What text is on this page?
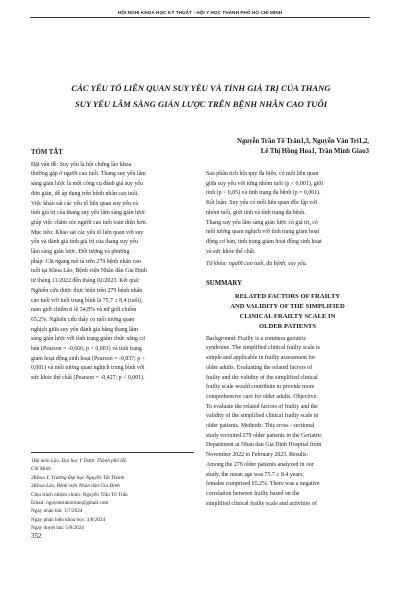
HỘI NGHỊ KHOA HỌC KỸ THUẬT - HỘI Y HỌC THÀNH PHỐ HỒ CHÍ MINH
CÁC YẾU TỐ LIÊN QUAN SUY YẾU VÀ TÍNH GIÁ TRỊ CỦA THANG
SUY YẾU LÂM SÀNG GIÁN LƯỢC TRÊN BỆNH NHÂN CAO TUỔI
Nguyễn Trần Tố Trân1,3, Nguyễn Văn Trí1,2,
Lê Thị Hồng Hoa1, Trần Minh Giao3
TÓM TẮT

Đặt vấn đề: Suy yếu là hội chứng lão khoa

thường gặp ở người cao tuổi. Thang suy yếu lâm

sàng gián lược là một công cụ đánh giá suy yếu

đơn giản, dễ áp dụng trên bệnh nhân cao tuổi.

Việc khảo sát các yếu tố liên quan suy yếu và

tính giá trị của thang suy yếu lâm sàng gián lược

giúp việc chăm sóc người cao tuổi toàn diện hơn.

Mục tiêu: Khảo sát các yếu tố liên quan với suy

yếu và đánh giá tính giá trị của thang suy yếu

lâm sàng gián lược. Đối tượng và phương

pháp: Cắt ngang mô tả trên 279 bệnh nhân cao

tuổi tại Khoa Lão, Bệnh viện Nhân dân Gia Định

từ tháng 11/2022 đến tháng 02/2023. Kết quả:

Nghiên cứu được thực hiện trên 279 bệnh nhân

cao tuổi với tuổi trung bình là 75,7 ± 8,4 (tuổi),

nam giới chiếm tỉ lệ 34,8% và nữ giới chiếm

65,2%. Nghiên cứu thấy có mối tương quan

nghịch giữa suy yếu đánh giá bằng thang lâm

sàng gián lược với tình trạng giảm chức năng cơ

bản (Pearson = -0,666; p < 0,001) và tình trạng

giảm hoạt động sinh hoạt (Pearson = -0,837; p <

0,001) và mối tương quan nghịch trung bình với

sức khỏe thể chất (Pearson = -0,427; p < 0,001).

1Bộ môn Lão, Đại học Y Dược Thành phố Hồ

Chí Minh

2Khoa Y, Trường Đại học Nguyễn Tất Thành

3Khoa Lão, Bệnh viện Nhân dân Gia Định

Chịu trách nhiệm chính: Nguyễn Trần Tố Trân

Email: nguyentrantotran@gmail.com

Ngày nhận bài: 1/7/2024

Ngày phản biện khoa học: 3/8/2024

Ngày duyệt bài: 5/8/2024

Sau phân tích hồi quy đa biến, có mối liên quan

giữa suy yếu với từng nhóm tuổi (p < 0,001), giới

tính (p < 0,05) và tình trạng đa bệnh (p = 0,001).

Kết luận: Suy yếu có mối liên quan độc lập với

nhóm tuổi, giới tính và tình trạng đa bệnh.

Thang suy yếu lâm sàng gián lược có giá trị, có

mối tương quan nghịch với tình trạng giảm hoạt

động cơ bản, tình trạng giảm hoạt động sinh hoạt

và sức khỏe thể chất.

Từ khóa: người cao tuổi, đa bệnh, suy yếu.

SUMMARY
RELATED FACTORS OF FRAILTY
AND VALIDITY OF THE SIMPLIFIED
CLINICAL FRAILTY SCALE IN
OLDER PATIENTS

Background: Frailty is a common geriatric

syndrome. The simplified clinical frailty scale is

simple and applicable in frailty assessment for

older adults. Evaluating the related factors of

frailty and the validity of the simplified clinical

frailty scale would contribute to provide more

comprehensive care for older adults. Objective:

To evaluate the related factors of frailty and the

validity of the simplified clinical frailty scale in

older patients. Methods: This cross - sectional

study recruited 279 older patients in the Geriatric

Department at Nhan dan Gia Dinh Hospital from

November 2022 to February 2023. Results:

Among the 279 older patients analyzed in our

study, the mean age was 75.7 ± 8.4 years;

females comprised 65.2%. There was a negative

correlation between frailty based on the

simplified clinical frailty scale and activities of

352
